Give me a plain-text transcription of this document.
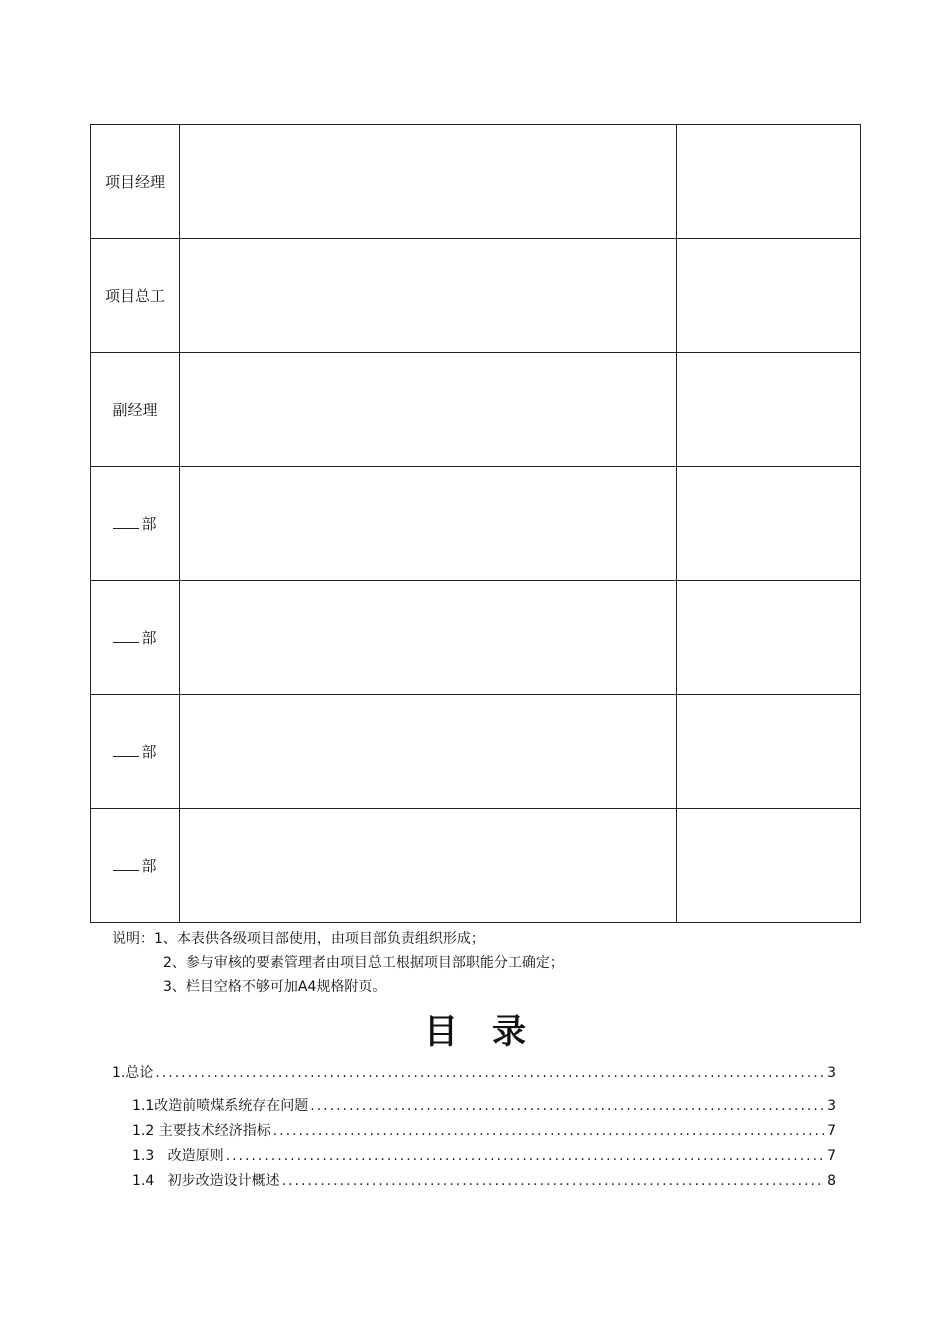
项目经理		
项目总工		
副经理		
部		
部		
部		
部		
说明：1、本表供各级项目部使用，由项目部负责组织形成；
2、参与审核的要素管理者由项目总工根据项目部职能分工确定；
3、栏目空格不够可加A4规格附页。
目录
1.总论 .....	3
1.1改造前喷煤系统存在问题 .....	3
1.2 主要技术经济指标 .....	7
1.3   改造原则 .....	7
1.4   初步改造设计概述 .....	8
